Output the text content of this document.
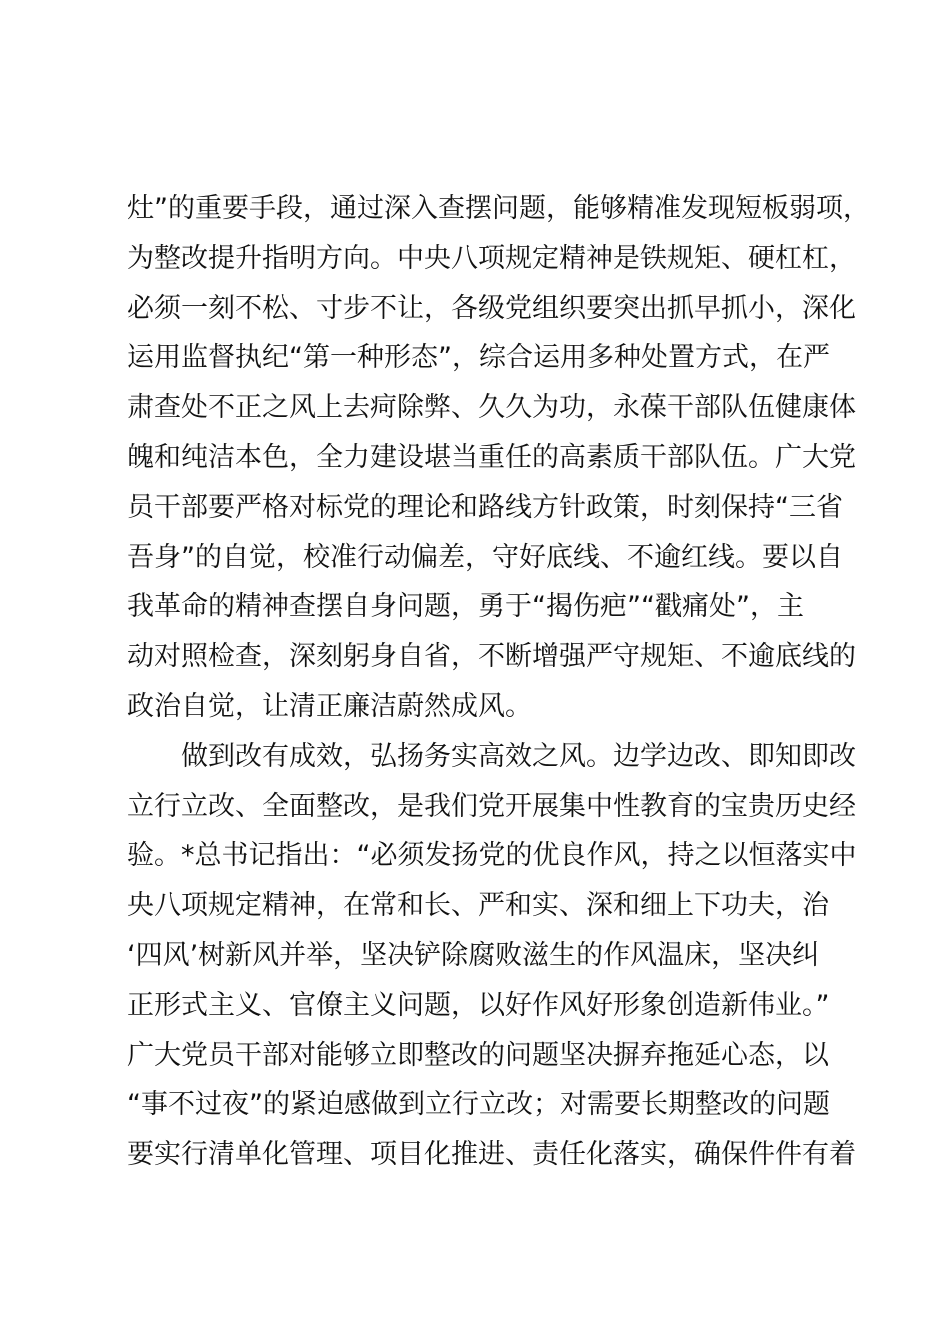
灶”的重要手段，通过深入查摆问题，能够精准发现短板弱项，
为整改提升指明方向。中央八项规定精神是铁规矩、硬杠杠，
必须一刻不松、寸步不让，各级党组织要突出抓早抓小，深化
运用监督执纪“第一种形态”，综合运用多种处置方式，在严
肃查处不正之风上去疴除弊、久久为功，永葆干部队伍健康体
魄和纯洁本色，全力建设堪当重任的高素质干部队伍。广大党
员干部要严格对标党的理论和路线方针政策，时刻保持“三省
吾身”的自觉，校准行动偏差，守好底线、不逾红线。要以自
我革命的精神查摆自身问题，勇于“揭伤疤”“戳痛处”，主
动对照检查，深刻躬身自省，不断增强严守规矩、不逾底线的
政治自觉，让清正廉洁蔚然成风。
做到改有成效，弘扬务实高效之风。边学边改、即知即改
立行立改、全面整改，是我们党开展集中性教育的宝贵历史经
验。*总书记指出：“必须发扬党的优良作风，持之以恒落实中
央八项规定精神，在常和长、严和实、深和细上下功夫，治
‘四风’树新风并举，坚决铲除腐败滋生的作风温床，坚决纠
正形式主义、官僚主义问题，以好作风好形象创造新伟业。”
广大党员干部对能够立即整改的问题坚决摒弃拖延心态，以
“事不过夜”的紧迫感做到立行立改；对需要长期整改的问题
要实行清单化管理、项目化推进、责任化落实，确保件件有着
